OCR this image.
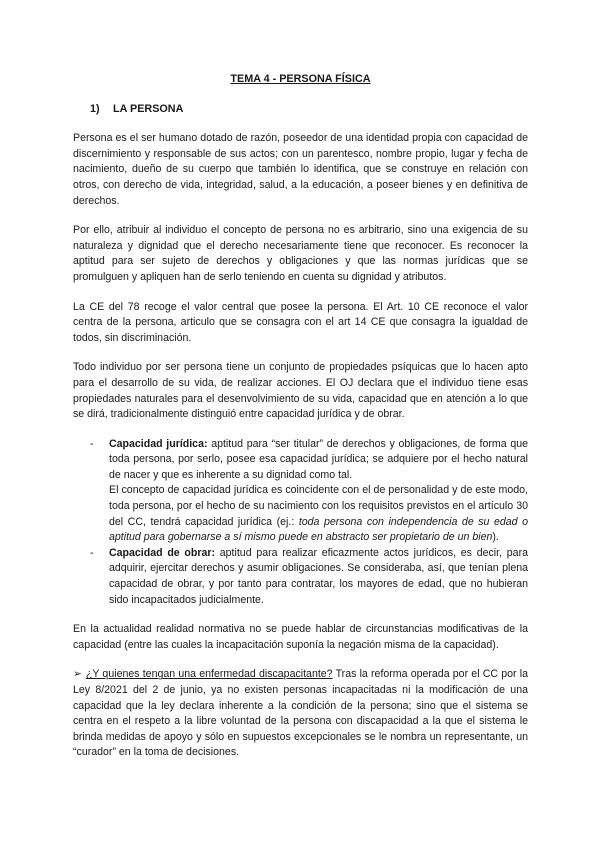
TEMA 4 - PERSONA FÍSICA
1) LA PERSONA

Persona es el ser humano dotado de razón, poseedor de una identidad propia con capacidad de discernimiento y responsable de sus actos; con un parentesco, nombre propio, lugar y fecha de nacimiento, dueño de su cuerpo que también lo identifica, que se construye en relación con otros, con derecho de vida, integridad, salud, a la educación, a poseer bienes y en definitiva de derechos.

Por ello, atribuir al individuo el concepto de persona no es arbitrario, sino una exigencia de su naturaleza y dignidad que el derecho necesariamente tiene que reconocer. Es reconocer la aptitud para ser sujeto de derechos y obligaciones y que las normas jurídicas que se promulguen y apliquen han de serlo teniendo en cuenta su dignidad y atributos.

La CE del 78 recoge el valor central que posee la persona. El Art. 10 CE reconoce el valor centra de la persona, articulo que se consagra con el art 14 CE que consagra la igualdad de todos, sin discriminación.

Todo individuo por ser persona tiene un conjunto de propiedades psíquicas que lo hacen apto para el desarrollo de su vida, de realizar acciones. El OJ declara que el individuo tiene esas propiedades naturales para el desenvolvimiento de su vida, capacidad que en atención a lo que se dirá, tradicionalmente distinguió entre capacidad jurídica y de obrar.

- Capacidad jurídica: aptitud para “ser titular” de derechos y obligaciones, de forma que toda persona, por serlo, posee esa capacidad jurídica; se adquiere por el hecho natural de nacer y que es inherente a su dignidad como tal.
El concepto de capacidad jurídica es coincidente con el de personalidad y de este modo, toda persona, por el hecho de su nacimiento con los requisitos previstos en el artículo 30 del CC, tendrá capacidad jurídica (ej.: toda persona con independencia de su edad o aptitud para gobernarse a sí mismo puede en abstracto ser propietario de un bien).
- Capacidad de obrar: aptitud para realizar eficazmente actos jurídicos, es decir, para adquirir, ejercitar derechos y asumir obligaciones. Se consideraba, así, que tenían plena capacidad de obrar, y por tanto para contratar, los mayores de edad, que no hubieran sido incapacitados judicialmente.

En la actualidad realidad normativa no se puede hablar de circunstancias modificativas de la capacidad (entre las cuales la incapacitación suponía la negación misma de la capacidad).

➢ ¿Y quienes tengan una enfermedad discapacitante? Tras la reforma operada por el CC por la Ley 8/2021 del 2 de junio, ya no existen personas incapacitadas ni la modificación de una capacidad que la ley declara inherente a la condición de la persona; sino que el sistema se centra en el respeto a la libre voluntad de la persona con discapacidad a la que el sistema le brinda medidas de apoyo y sólo en supuestos excepcionales se le nombra un representante, un “curador” en la toma de decisiones.
